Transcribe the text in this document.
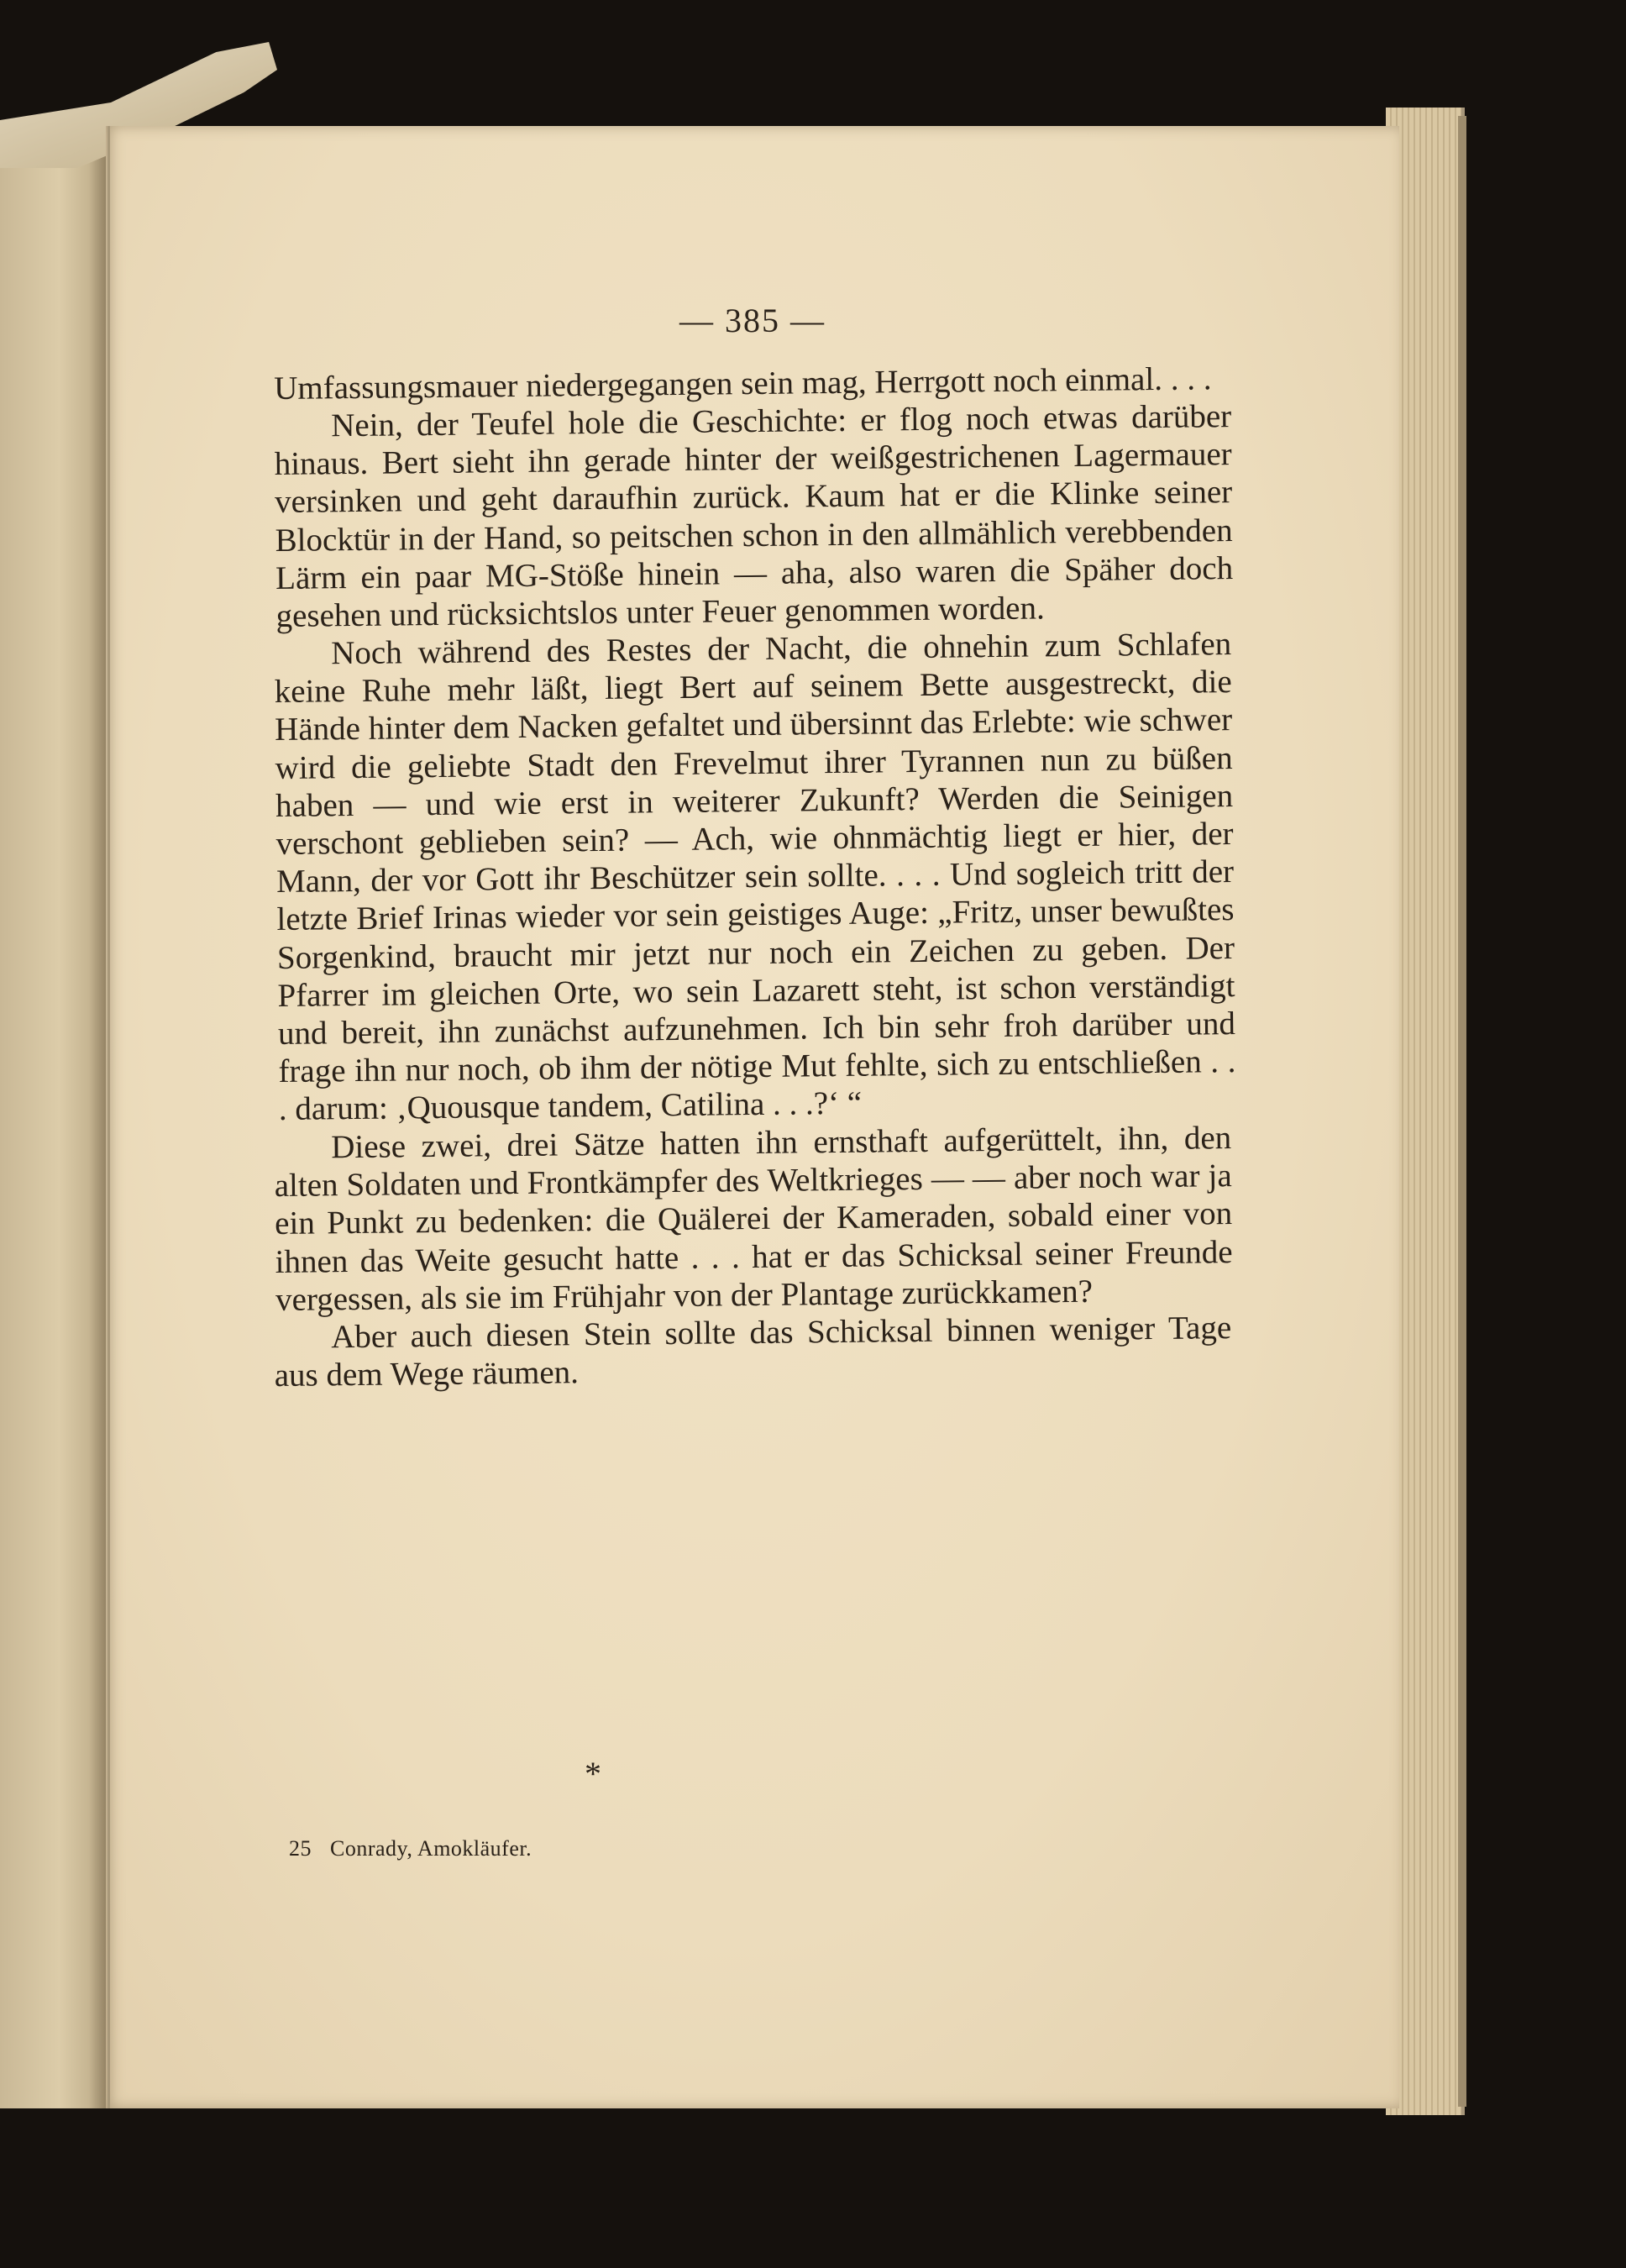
— 385 —

Umfassungsmauer niedergegangen sein mag, Herrgott noch einmal. . . .

Nein, der Teufel hole die Geschichte: er flog noch etwas darüber hinaus. Bert sieht ihn gerade hinter der weißgestrichenen Lagermauer versinken und geht daraufhin zurück. Kaum hat er die Klinke seiner Blocktür in der Hand, so peitschen schon in den allmählich verebbenden Lärm ein paar MG-Stöße hinein — aha, also waren die Späher doch gesehen und rücksichtslos unter Feuer genommen worden.

Noch während des Restes der Nacht, die ohnehin zum Schlafen keine Ruhe mehr läßt, liegt Bert auf seinem Bette ausgestreckt, die Hände hinter dem Nacken gefaltet und übersinnt das Erlebte: wie schwer wird die geliebte Stadt den Frevelmut ihrer Tyrannen nun zu büßen haben — und wie erst in weiterer Zukunft? Werden die Seinigen verschont geblieben sein? — Ach, wie ohnmächtig liegt er hier, der Mann, der vor Gott ihr Beschützer sein sollte. . . . Und sogleich tritt der letzte Brief Irinas wieder vor sein geistiges Auge: „Fritz, unser bewußtes Sorgenkind, braucht mir jetzt nur noch ein Zeichen zu geben. Der Pfarrer im gleichen Orte, wo sein Lazarett steht, ist schon verständigt und bereit, ihn zunächst aufzunehmen. Ich bin sehr froh darüber und frage ihn nur noch, ob ihm der nötige Mut fehlte, sich zu entschließen . . . darum: ‚Quousque tandem, Catilina . . .?‘ “

Diese zwei, drei Sätze hatten ihn ernsthaft aufgerüttelt, ihn, den alten Soldaten und Frontkämpfer des Weltkrieges — — aber noch war ja ein Punkt zu bedenken: die Quälerei der Kameraden, sobald einer von ihnen das Weite gesucht hatte . . . hat er das Schicksal seiner Freunde vergessen, als sie im Frühjahr von der Plantage zurückkamen?

Aber auch diesen Stein sollte das Schicksal binnen weniger Tage aus dem Wege räumen.

*
25 Conrady, Amokläufer.
